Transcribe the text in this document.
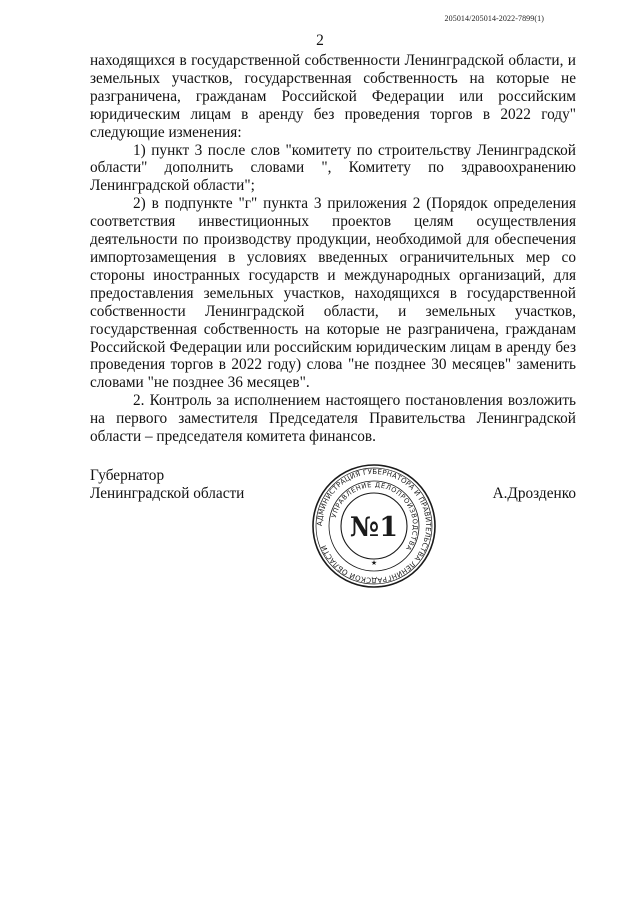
205014/205014-2022-7899(1)
2

находящихся в государственной собственности Ленинградской области, и земельных участков, государственная собственность на которые не разграничена, гражданам Российской Федерации или российским юридическим лицам в аренду без проведения торгов в 2022 году" следующие изменения:

1) пункт 3 после слов "комитету по строительству Ленинградской области" дополнить словами ", Комитету по здравоохранению Ленинградской области";

2) в подпункте "г" пункта 3 приложения 2 (Порядок определения соответствия инвестиционных проектов целям осуществления деятельности по производству продукции, необходимой для обеспечения импортозамещения в условиях введенных ограничительных мер со стороны иностранных государств и международных организаций, для предоставления земельных участков, находящихся в государственной собственности Ленинградской области, и земельных участков, государственная собственность на которые не разграничена, гражданам Российской Федерации или российским юридическим лицам в аренду без проведения торгов в 2022 году) слова "не позднее 30 месяцев" заменить словами "не позднее 36 месяцев".

2. Контроль за исполнением настоящего постановления возложить на первого заместителя Председателя Правительства Ленинградской области – председателя комитета финансов.

Губернатор
Ленинградской области	А.Дрозденко
АДМИНИСТРАЦИЯ ГУБЕРНАТОРА И ПРАВИТЕЛЬСТВА ЛЕНИНГРАДСКОЙ ОБЛАСТИ
УПРАВЛЕНИЕ ДЕЛОПРОИЗВОДСТВА
№1
★
